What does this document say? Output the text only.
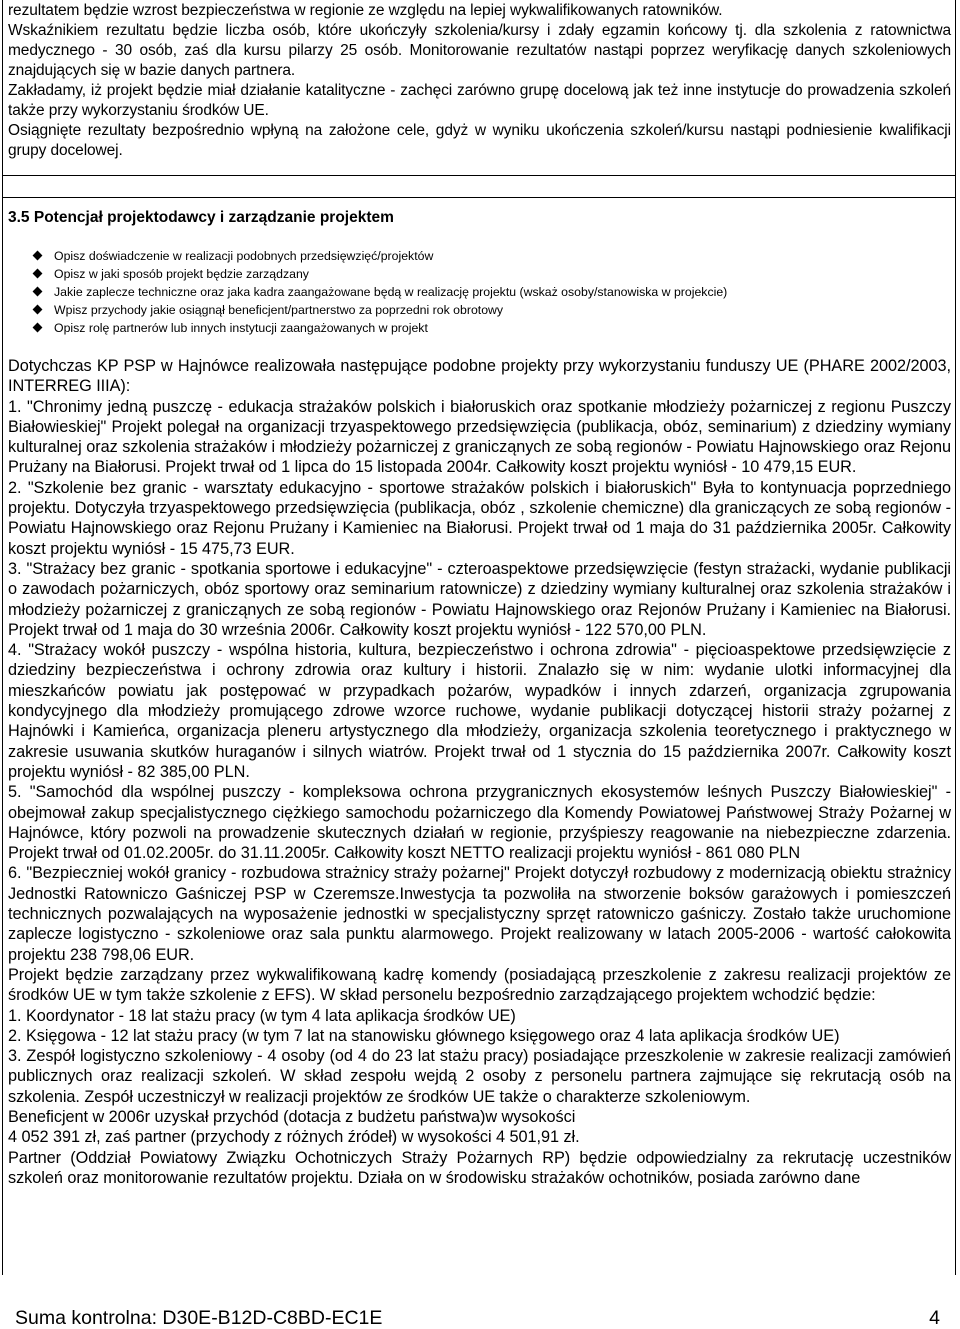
rezultatem będzie wzrost bezpieczeństwa w regionie ze względu na lepiej wykwalifikowanych ratowników.

Wskaźnikiem rezultatu będzie liczba osób, które ukończyły szkolenia/kursy i zdały egzamin końcowy tj. dla szkolenia z ratownictwa medycznego - 30 osób, zaś dla kursu pilarzy 25 osób. Monitorowanie rezultatów nastąpi poprzez weryfikację danych szkoleniowych znajdujących się w bazie danych partnera.

Zakładamy, iż projekt będzie miał działanie katalityczne - zachęci zarówno grupę docelową jak też inne instytucje do prowadzenia szkoleń także przy wykorzystaniu środków UE.

Osiągnięte rezultaty bezpośrednio wpłyną na założone cele, gdyż w wyniku ukończenia szkoleń/kursu nastąpi podniesienie kwalifikacji grupy docelowej.

3.5 Potencjał projektodawcy i zarządzanie projektem
Opisz doświadczenie w realizacji podobnych przedsięwzięć/projektów
Opisz w jaki sposób projekt będzie zarządzany
Jakie zaplecze techniczne oraz jaka kadra zaangażowane będą w realizację projektu (wskaż osoby/stanowiska w projekcie)
Wpisz przychody jakie osiągnął beneficjent/partnerstwo za poprzedni rok obrotowy
Opisz rolę partnerów lub innych instytucji zaangażowanych w projekt

Dotychczas KP PSP w Hajnówce realizowała następujące podobne projekty przy wykorzystaniu funduszy UE (PHARE 2002/2003, INTERREG IIIA):

1. "Chronimy jedną puszczę - edukacja strażaków polskich i białoruskich oraz spotkanie młodzieży pożarniczej z regionu Puszczy Białowieskiej" Projekt polegał na organizacji trzyaspektowego przedsięwzięcia (publikacja, obóz, seminarium) z dziedziny wymiany kulturalnej oraz szkolenia strażaków i młodzieży pożarniczej z granicząnych ze sobą regionów - Powiatu Hajnowskiego oraz Rejonu Prużany na Białorusi. Projekt trwał od 1 lipca do 15 listopada 2004r. Całkowity koszt projektu wyniósł - 10 479,15 EUR.

2. "Szkolenie bez granic - warsztaty edukacyjno - sportowe strażaków polskich i białoruskich" Była to kontynuacja poprzedniego projektu. Dotyczyła trzyaspektowego przedsięwzięcia (publikacja, obóz , szkolenie chemiczne) dla graniczących ze sobą regionów - Powiatu Hajnowskiego oraz Rejonu Prużany i Kamieniec na Białorusi. Projekt trwał od 1 maja do 31 października 2005r. Całkowity koszt projektu wyniósł - 15 475,73 EUR.

3. "Strażacy bez granic - spotkania sportowe i edukacyjne" - czteroaspektowe przedsięwzięcie (festyn strażacki, wydanie publikacji o zawodach pożarniczych, obóz sportowy oraz seminarium ratownicze) z dziedziny wymiany kulturalnej oraz szkolenia strażaków i młodzieży pożarniczej z granicząnych ze sobą regionów - Powiatu Hajnowskiego oraz Rejonów Prużany i Kamieniec na Białorusi. Projekt trwał od 1 maja do 30 września 2006r. Całkowity koszt projektu wyniósł - 122 570,00 PLN.

4. "Strażacy wokół puszczy - wspólna historia, kultura, bezpieczeństwo i ochrona zdrowia" - pięcioaspektowe przedsięwzięcie z dziedziny bezpieczeństwa i ochrony zdrowia oraz kultury i historii. Znalazło się w nim: wydanie ulotki informacyjnej dla mieszkańców powiatu jak postępować w przypadkach pożarów, wypadków i innych zdarzeń, organizacja zgrupowania kondycyjnego dla młodzieży promującego zdrowe wzorce ruchowe, wydanie publikacji dotyczącej historii straży pożarnej z Hajnówki i Kamieńca, organizacja pleneru artystycznego dla młodzieży, organizacja szkolenia teoretycznego i praktycznego w zakresie usuwania skutków huraganów i silnych wiatrów. Projekt trwał od 1 stycznia do 15 października 2007r. Całkowity koszt projektu wyniósł - 82 385,00 PLN.

5. "Samochód dla wspólnej puszczy - kompleksowa ochrona przygranicznych ekosystemów leśnych Puszczy Białowieskiej" - obejmował zakup specjalistycznego ciężkiego samochodu pożarniczego dla Komendy Powiatowej Państwowej Straży Pożarnej w Hajnówce, który pozwoli na prowadzenie skutecznych działań w regionie, przyśpieszy reagowanie na niebezpieczne zdarzenia. Projekt trwał od 01.02.2005r. do 31.11.2005r. Całkowity koszt NETTO realizacji projektu wyniósł - 861 080 PLN

6. "Bezpieczniej wokół granicy - rozbudowa strażnicy straży pożarnej" Projekt dotyczył rozbudowy z modernizacją obiektu strażnicy Jednostki Ratowniczo Gaśniczej PSP w Czeremsze.Inwestycja ta pozwoliła na stworzenie boksów garażowych i pomieszczeń technicznych pozwalających na wyposażenie jednostki w specjalistyczny sprzęt ratowniczo gaśniczy. Zostało także uruchomione zaplecze logistyczno - szkoleniowe oraz sala punktu alarmowego. Projekt realizowany w latach 2005-2006 - wartość całokowita projektu 238 798,06 EUR.

Projekt będzie zarządzany przez wykwalifikowaną kadrę komendy (posiadającą przeszkolenie z zakresu realizacji projektów ze środków UE w tym także szkolenie z EFS). W skład personelu bezpośrednio zarządzającego projektem wchodzić będzie:

1. Koordynator - 18 lat stażu pracy (w tym 4 lata aplikacja środków UE)

2. Księgowa - 12 lat stażu pracy (w tym 7 lat na stanowisku głównego księgowego oraz 4 lata aplikacja środków UE)

3. Zespół logistyczno szkoleniowy - 4 osoby (od 4 do 23 lat stażu pracy) posiadające przeszkolenie w zakresie realizacji zamówień publicznych oraz realizacji szkoleń. W skład zespołu wejdą 2 osoby z personelu partnera zajmujące się rekrutacją osób na szkolenia. Zespół uczestniczył w realizacji projektów ze środków UE także o charakterze szkoleniowym.

Beneficjent w 2006r uzyskał przychód (dotacja z budżetu państwa)w wysokości

4 052 391 zł, zaś partner (przychody z różnych źródeł) w wysokości 4 501,91 zł.

Partner (Oddział Powiatowy Związku Ochotniczych Straży Pożarnych RP) będzie odpowiedzialny za rekrutację uczestników szkoleń oraz monitorowanie rezultatów projektu. Działa on w środowisku strażaków ochotników, posiada zarówno dane

Suma kontrolna: D30E-B12D-C8BD-EC1E	4
